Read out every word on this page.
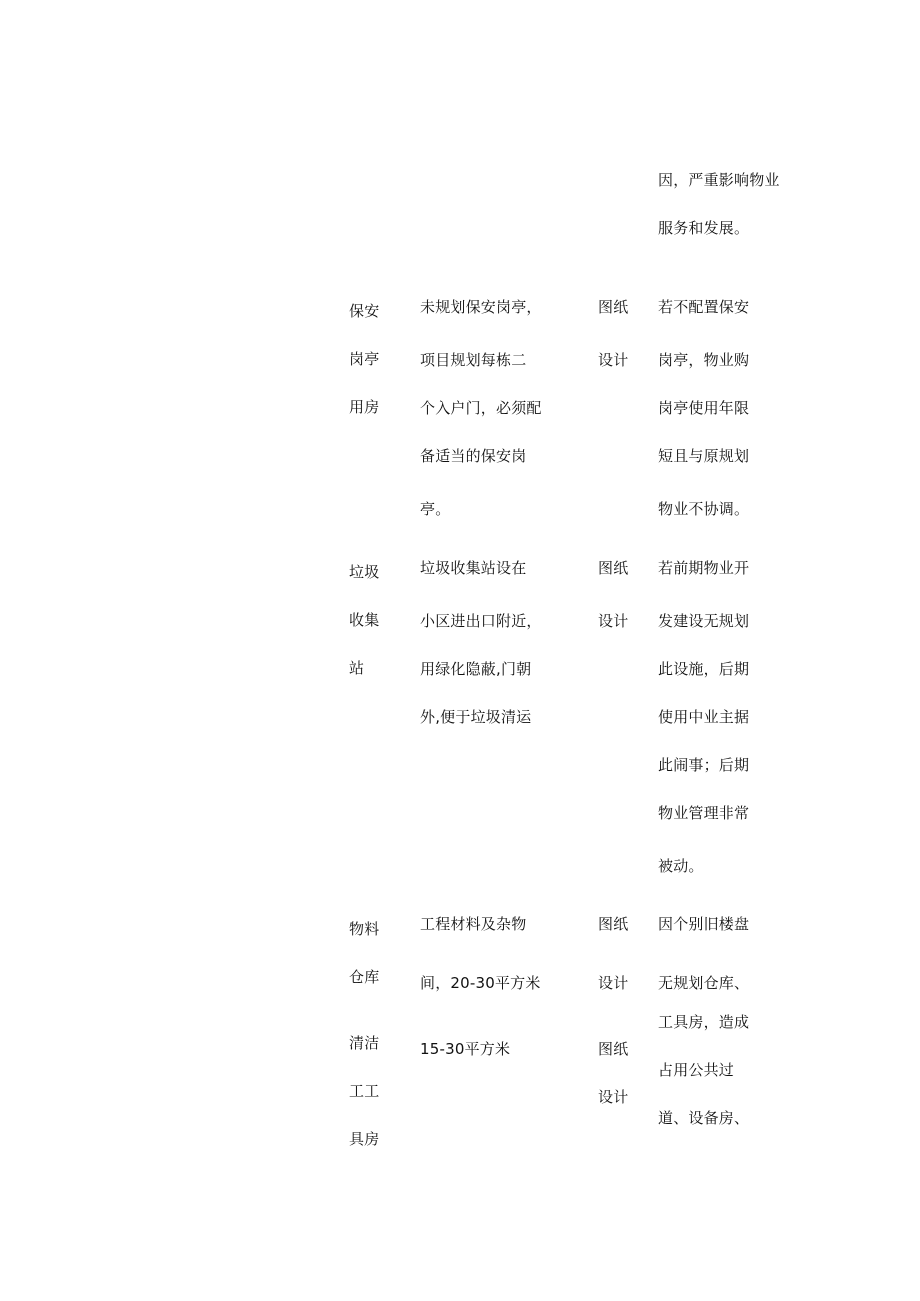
因，严重影响物业
服务和发展。
保安
岗亭
用房
未规划保安岗亭，
项目规划每栋二
个入户门，必须配
备适当的保安岗
亭。
图纸
设计
若不配置保安
岗亭，物业购
岗亭使用年限
短且与原规划
物业不协调。
垃圾
收集
站
垃圾收集站设在
小区进出口附近，
用绿化隐蔽,门朝
外,便于垃圾清运
图纸
设计
若前期物业开
发建设无规划
此设施，后期
使用中业主据
此闹事；后期
物业管理非常
被动。
物料
仓库
工程材料及杂物
间，20-30平方米
图纸
设计
因个别旧楼盘
无规划仓库、
工具房，造成
占用公共过
道、设备房、
清洁
工工
具房
15-30平方米	图纸
设计
